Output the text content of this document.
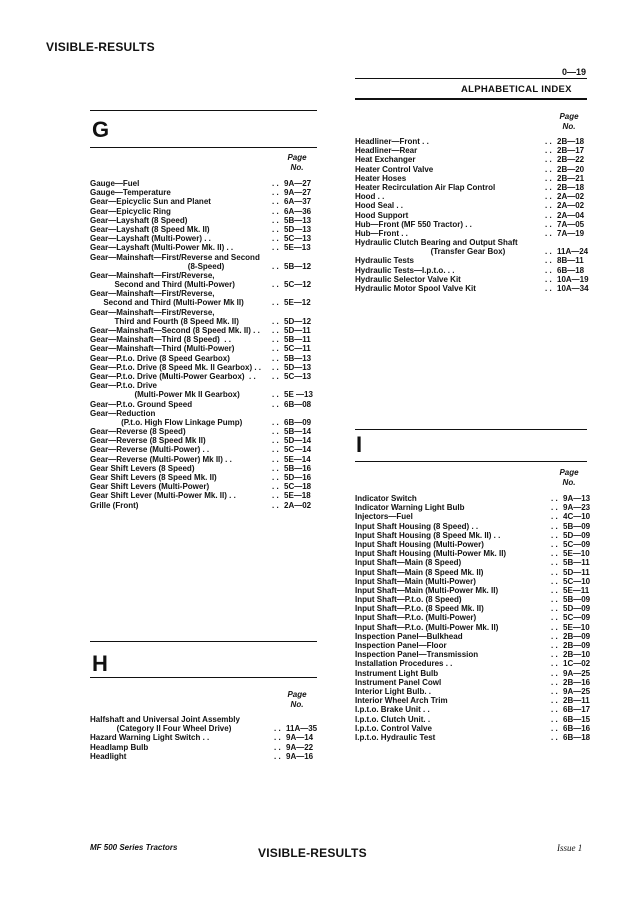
VISIBLE-RESULTS
0—19
ALPHABETICAL INDEX
G
Page
No.
Gauge—Fuel	9A—27
. .
Gauge—Temperature	9A—27
. .
Gear—Epicyclic Sun and Planet	6A—37
. .
Gear—Epicyclic Ring	6A—36
. .
Gear—Layshaft (8 Speed)	5B—13
. .
Gear—Layshaft (8 Speed Mk. II)	5D—13
. .
Gear—Layshaft (Multi-Power) . .	5C—13
. .
Gear—Layshaft (Multi-Power Mk. II) . .	5E—13
. .
Gear—Mainshaft—First/Reverse and Second
(8-Speed)	5B—12
. .
Gear—Mainshaft—First/Reverse,
Second and Third (Multi-Power)	5C—12
. .
Gear—Mainshaft—First/Reverse,
Second and Third (Multi-Power Mk II)	5E—12
. .
Gear—Mainshaft—First/Reverse,
Third and Fourth (8 Speed Mk. II)	5D—12
. .
Gear—Mainshaft—Second (8 Speed Mk. II) . .	5D—11
. .
Gear—Mainshaft—Third (8 Speed)  . .	5B—11
. .
Gear—Mainshaft—Third (Multi-Power)	5C—11
. .
Gear—P.t.o. Drive (8 Speed Gearbox)	5B—13
. .
Gear—P.t.o. Drive (8 Speed Mk. II Gearbox) . .	5D—13
. .
Gear—P.t.o. Drive (Multi-Power Gearbox)  . .	5C—13
. .
Gear—P.t.o. Drive
(Multi-Power Mk II Gearbox)	5E —13
. .
Gear—P.t.o. Ground Speed	6B—08
. .
Gear—Reduction
(P.t.o. High Flow Linkage Pump)	6B—09
. .
Gear—Reverse (8 Speed)	5B—14
. .
Gear—Reverse (8 Speed Mk II)	5D—14
. .
Gear—Reverse (Multi-Power) . .	5C—14
. .
Gear—Reverse (Multi-Power) Mk II) . .	5E—14
. .
Gear Shift Levers (8 Speed)	5B—16
. .
Gear Shift Levers (8 Speed Mk. II)	5D—16
. .
Gear Shift Levers (Multi-Power)	5C—18
. .
Gear Shift Lever (Multi-Power Mk. II) . .	5E—18
. .
Grille (Front)	2A—02
. .
H
Page
No.
Halfshaft and Universal Joint Assembly
(Category II Four Wheel Drive)	11A—35
. .
Hazard Warning Light Switch . .	9A—14
. .
Headlamp Bulb	9A—22
. .
Headlight	9A—16
. .
Page
No.
Headliner—Front . .	2B—18
. .
Headliner—Rear	2B—17
. .
Heat Exchanger	2B—22
. .
Heater Control Valve	2B—20
. .
Heater Hoses	2B—21
. .
Heater Recirculation Air Flap Control	2B—18
. .
Hood . .	2A—02
. .
Hood Seal . .	2A—02
. .
Hood Support	2A—04
. .
Hub—Front (MF 550 Tractor) . .	7A—05
. .
Hub—Front . .	7A—19
. .
Hydraulic Clutch Bearing and Output Shaft
(Transfer Gear Box)	11A—24
. .
Hydraulic Tests	8B—11
. .
Hydraulic Tests—I.p.t.o. . .	6B—18
. .
Hydraulic Selector Valve Kit	10A—19
. .
Hydraulic Motor Spool Valve Kit	10A—34
. .
I
Page
No.
Indicator Switch	9A—13
. .
Indicator Warning Light Bulb	9A—23
. .
Injectors—Fuel	4C—10
. .
Input Shaft Housing (8 Speed) . .	5B—09
. .
Input Shaft Housing (8 Speed Mk. II) . .	5D—09
. .
Input Shaft Housing (Multi-Power)	5C—09
. .
Input Shaft Housing (Multi-Power Mk. II)	5E—10
. .
Input Shaft—Main (8 Speed)	5B—11
. .
Input Shaft—Main (8 Speed Mk. II)	5D—11
. .
Input Shaft—Main (Multi-Power)	5C—10
. .
Input Shaft—Main (Multi-Power Mk. II)	5E—11
. .
Input Shaft—P.t.o. (8 Speed)	5B—09
. .
Input Shaft—P.t.o. (8 Speed Mk. II)	5D—09
. .
Input Shaft—P.t.o. (Multi-Power)	5C—09
. .
Input Shaft—P.t.o. (Multi-Power Mk. II)	5E—10
. .
Inspection Panel—Bulkhead	2B—09
. .
Inspection Panel—Floor	2B—09
. .
Inspection Panel—Transmission	2B—10
. .
Installation Procedures . .	1C—02
. .
Instrument Light Bulb	9A—25
. .
Instrument Panel Cowl	2B—16
. .
Interior Light Bulb. .	9A—25
. .
Interior Wheel Arch Trim	2B—11
. .
I.p.t.o. Brake Unit . .	6B—17
. .
I.p.t.o. Clutch Unit. .	6B—15
. .
I.p.t.o. Control Valve	6B—16
. .
I.p.t.o. Hydraulic Test	6B—18
. .
MF 500 Series Tractors	Issue 1
VISIBLE-RESULTS
